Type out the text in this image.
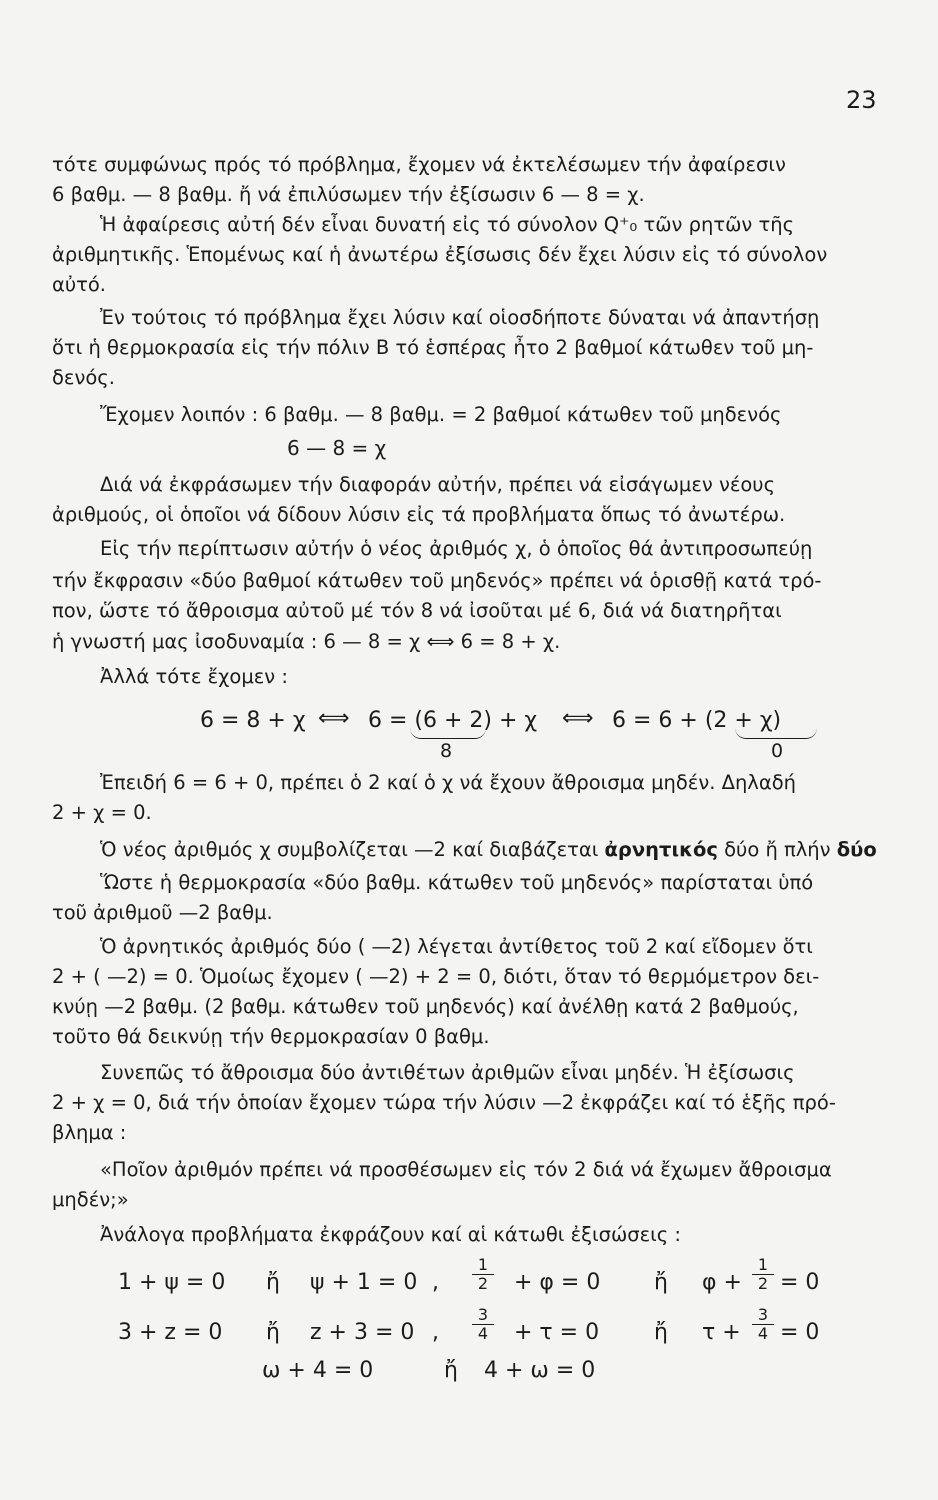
23
τότε συμφώνως πρός τό πρόβλημα, ἔχομεν νά ἐκτελέσωμεν τήν ἀφαίρεσιν
6 βαθμ. — 8 βαθμ. ἤ νά ἐπιλύσωμεν τήν ἐξίσωσιν 6 — 8 = χ.
Ἡ ἀφαίρεσις αὐτή δέν εἶναι δυνατή εἰς τό σύνολον Q⁺₀ τῶν ρητῶν τῆς
ἀριθμητικῆς. Ἑπομένως καί ἡ ἀνωτέρω ἐξίσωσις δέν ἔχει λύσιν εἰς τό σύνολον
αὐτό.
Ἐν τούτοις τό πρόβλημα ἔχει λύσιν καί οἱοσδήποτε δύναται νά ἀπαντήσῃ
ὅτι ἡ θερμοκρασία εἰς τήν πόλιν Β τό ἑσπέρας ἦτο 2 βαθμοί κάτωθεν τοῦ μη-
δενός.
Ἔχομεν λοιπόν : 6 βαθμ. — 8 βαθμ. = 2 βαθμοί κάτωθεν τοῦ μηδενός
6 — 8 = χ
Διά νά ἐκφράσωμεν τήν διαφοράν αὐτήν, πρέπει νά εἰσάγωμεν νέους
ἀριθμούς, οἱ ὁποῖοι νά δίδουν λύσιν εἰς τά προβλήματα ὅπως τό ἀνωτέρω.
Εἰς τήν περίπτωσιν αὐτήν ὁ νέος ἀριθμός χ, ὁ ὁποῖος θά ἀντιπροσωπεύῃ
τήν ἔκφρασιν «δύο βαθμοί κάτωθεν τοῦ μηδενός» πρέπει νά ὁρισθῇ κατά τρό-
πον, ὥστε τό ἄθροισμα αὐτοῦ μέ τόν 8 νά ἰσοῦται μέ 6, διά νά διατηρῆται
ἡ γνωστή μας ἰσοδυναμία : 6 — 8 = χ ⟺ 6 = 8 + χ.
Ἀλλά τότε ἔχομεν :
6 = 8 + χ ⟺ 6 = (6 + 2) + χ ⟺ 6 = 6 + (2 + χ)
8	0
Ἐπειδή 6 = 6 + 0, πρέπει ὁ 2 καί ὁ χ νά ἔχουν ἄθροισμα μηδέν. Δηλαδή
2 + χ = 0.
Ὁ νέος ἀριθμός χ συμβολίζεται —2 καί διαβάζεται ἀρνητικός δύο ἤ πλήν δύο
Ὥστε ἡ θερμοκρασία «δύο βαθμ. κάτωθεν τοῦ μηδενός» παρίσταται ὑπό
τοῦ ἀριθμοῦ —2 βαθμ.
Ὁ ἀρνητικός ἀριθμός δύο ( —2) λέγεται ἀντίθετος τοῦ 2 καί εἴδομεν ὅτι
2 + ( —2) = 0. Ὁμοίως ἔχομεν ( —2) + 2 = 0, διότι, ὅταν τό θερμόμετρον δει-
κνύῃ —2 βαθμ. (2 βαθμ. κάτωθεν τοῦ μηδενός) καί ἀνέλθῃ κατά 2 βαθμούς,
τοῦτο θά δεικνύῃ τήν θερμοκρασίαν 0 βαθμ.
Συνεπῶς τό ἄθροισμα δύο ἀντιθέτων ἀριθμῶν εἶναι μηδέν. Ἡ ἐξίσωσις
2 + χ = 0, διά τήν ὁποίαν ἔχομεν τώρα τήν λύσιν —2 ἐκφράζει καί τό ἑξῆς πρό-
βλημα :
«Ποῖον ἀριθμόν πρέπει νά προσθέσωμεν εἰς τόν 2 διά νά ἔχωμεν ἄθροισμα
μηδέν;»
Ἀνάλογα προβλήματα ἐκφράζουν καί αἱ κάτωθι ἐξισώσεις :
1 + ψ = 0 ἤ ψ + 1 = 0 , $\frac{1}{2} + \varphi = 0$ ἤ $\varphi + \frac{1}{2} = 0$
3 + z = 0 ἤ z + 3 = 0 , $\frac{3}{4} + \tau = 0$ ἤ $\tau + \frac{3}{4} = 0$
ω + 4 = 0	ἤ 4 + ω = 0
